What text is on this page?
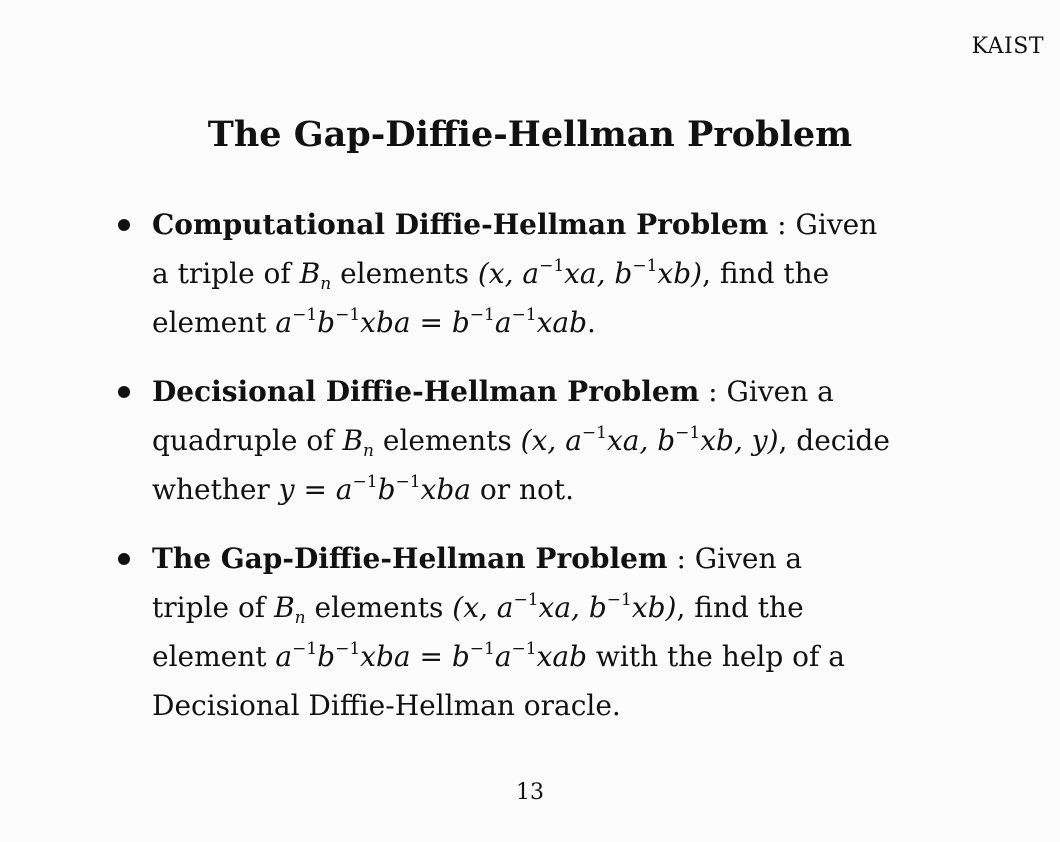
KAIST
The Gap-Diffie-Hellman Problem
Computational Diffie-Hellman Problem : Given
a triple of $B_n$ elements (x, $a^{-1}xa$, $b^{-1}xb$), find the
element $a^{-1}b^{-1}xba = b^{-1}a^{-1}xab$.
Decisional Diffie-Hellman Problem : Given a
quadruple of $B_n$ elements (x, $a^{-1}xa$, $b^{-1}xb$, y), decide
whether $y = a^{-1}b^{-1}xba$ or not.
The Gap-Diffie-Hellman Problem : Given a
triple of $B_n$ elements (x, $a^{-1}xa$, $b^{-1}xb$), find the
element $a^{-1}b^{-1}xba = b^{-1}a^{-1}xab$ with the help of a
Decisional Diffie-Hellman oracle.
13
